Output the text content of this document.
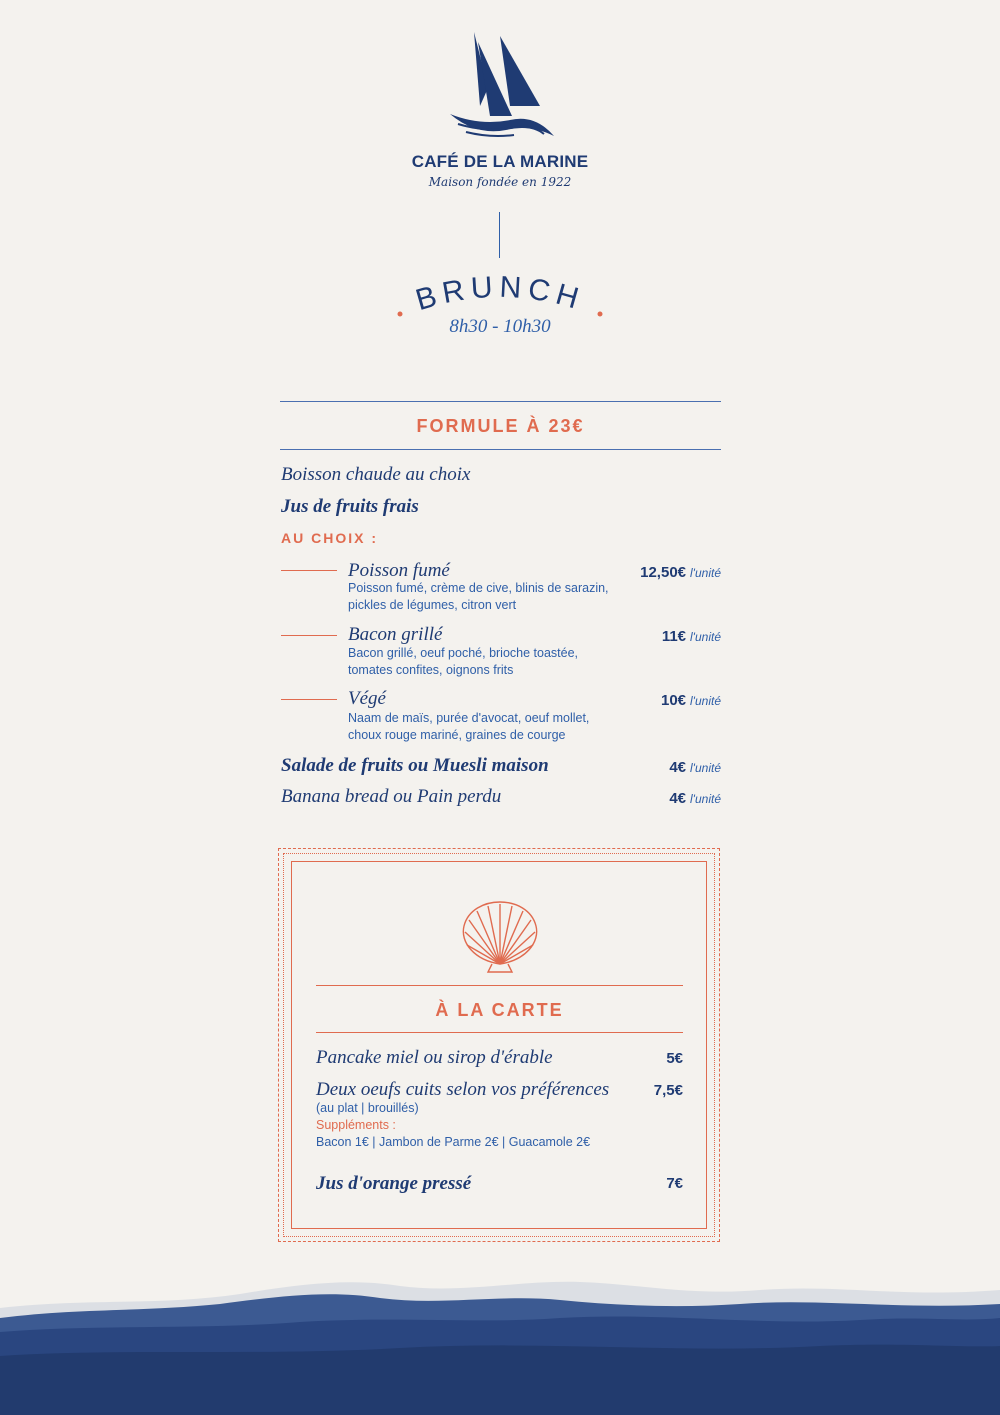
CAFÉ DE LA MARINE
Maison fondée en 1922
BRUNCH
8h30 - 10h30
FORMULE À 23€
Boisson chaude au choix
Jus de fruits frais
AU CHOIX :
Poisson fumé
Poisson fumé, crème de cive, blinis de sarazin,
pickles de légumes, citron vert
12,50€ l'unité
Bacon grillé
Bacon grillé, oeuf poché, brioche toastée,
tomates confites, oignons frits
11€ l'unité
Végé
Naam de maïs, purée d'avocat, oeuf mollet,
choux rouge mariné, graines de courge
10€ l'unité
Salade de fruits ou Muesli maison	4€ l'unité
Banana bread ou Pain perdu	4€ l'unité
À LA CARTE
Pancake miel ou sirop d'érable	5€
Deux oeufs cuits selon vos préférences	7,5€
(au plat | brouillés)
Suppléments :
Bacon 1€ | Jambon de Parme 2€ | Guacamole 2€
Jus d'orange pressé	7€
